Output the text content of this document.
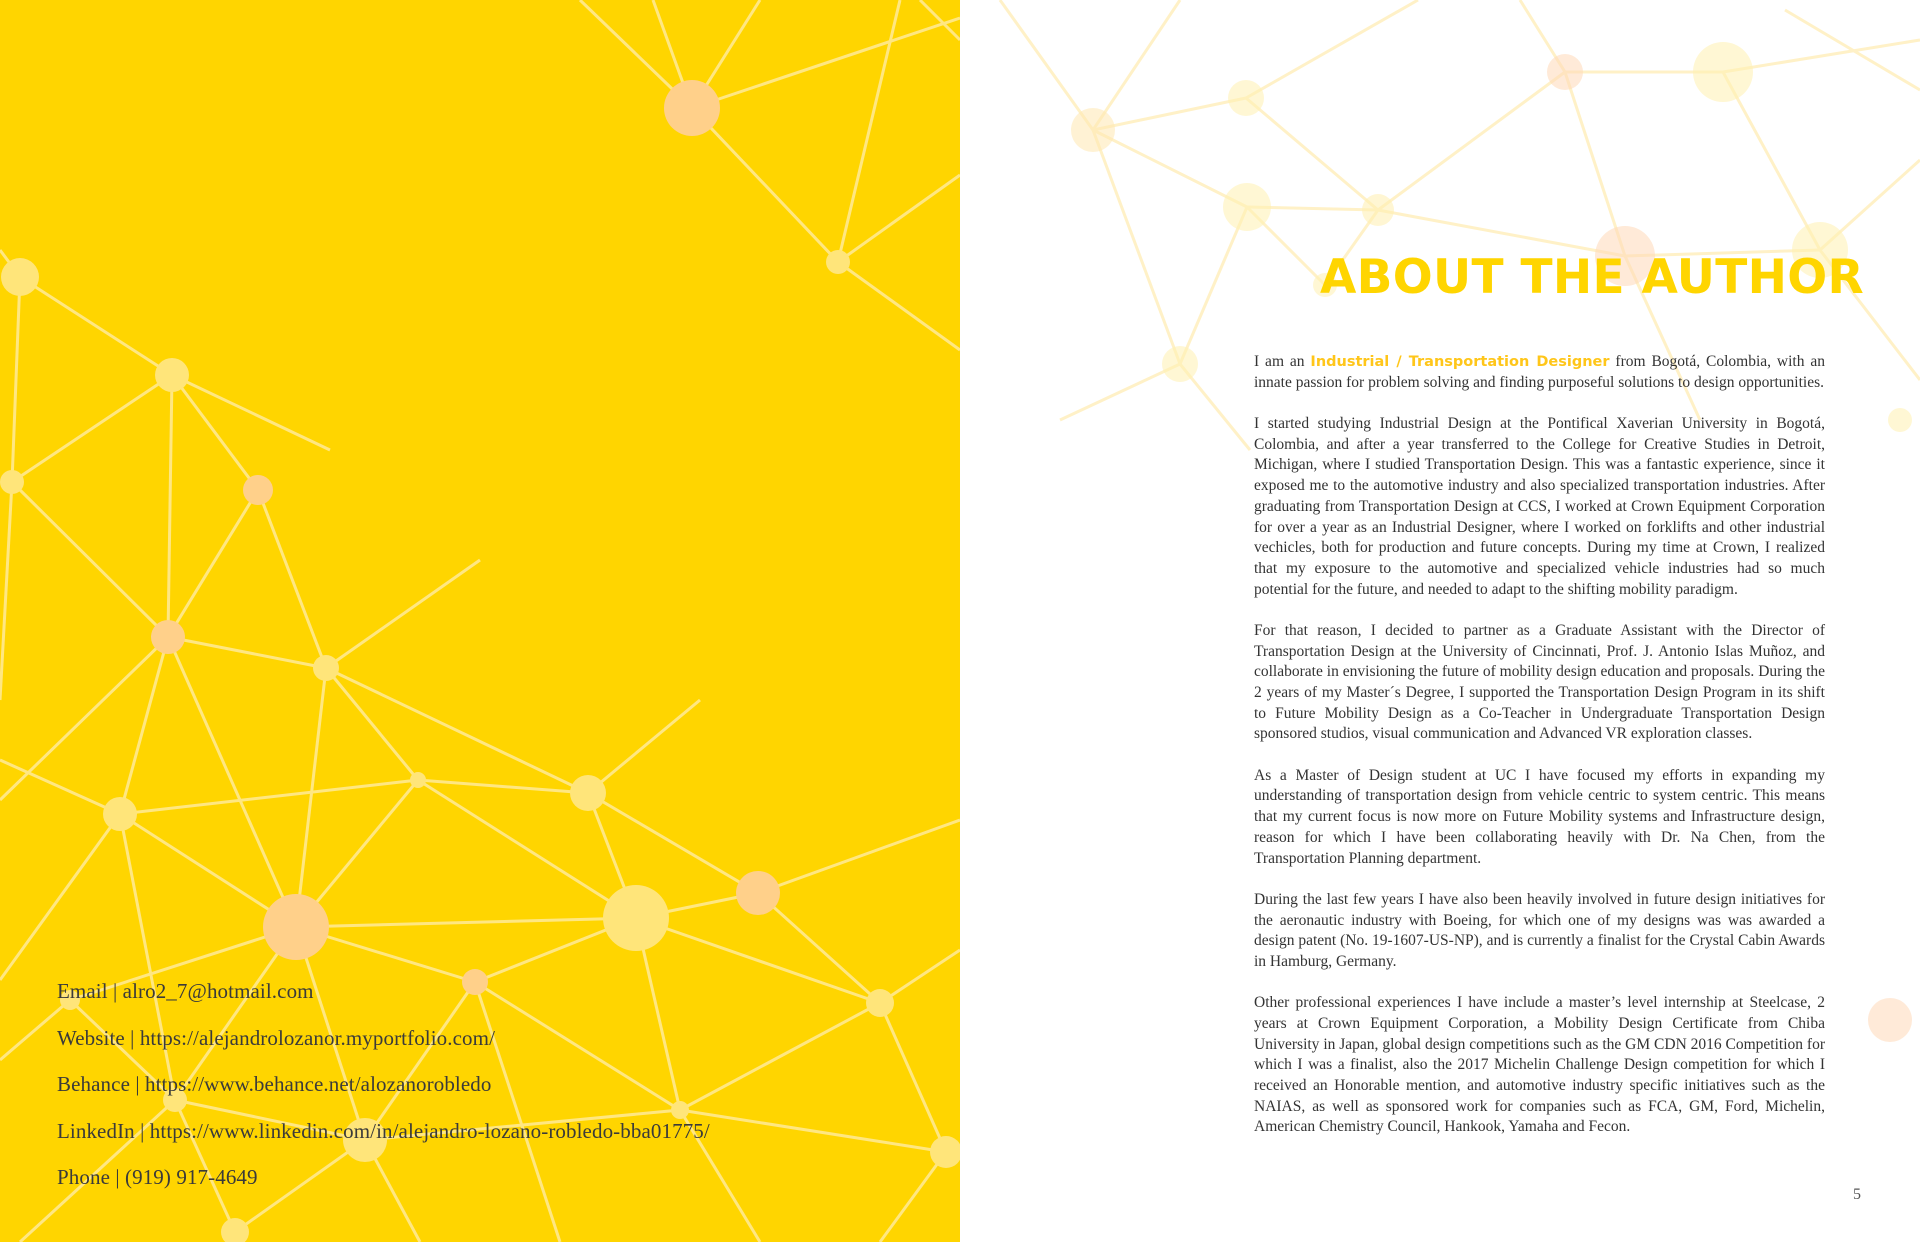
Email | alro2_7@hotmail.com
Website | https://alejandrolozanor.myportfolio.com/
Behance | https://www.behance.net/alozanorobledo
LinkedIn | https://www.linkedin.com/in/alejandro-lozano-robledo-bba01775/
Phone | (919) 917-4649
ABOUT THE AUTHOR

I am an Industrial / Transportation Designer from Bogotá, Colombia, with an innate passion for problem solving and finding purposeful solutions to design opportunities.

I started studying Industrial Design at the Pontifical Xaverian University in Bogotá, Colombia, and after a year transferred to the College for Creative Studies in Detroit, Michigan, where I studied Transportation Design. This was a fantastic experience, since it exposed me to the automotive industry and also specialized transportation industries. After graduating from Transportation Design at CCS, I worked at Crown Equipment Corporation for over a year as an Industrial Designer, where I worked on forklifts and other industrial vechicles, both for production and future concepts. During my time at Crown, I realized that my exposure to the automotive and specialized vehicle industries had so much potential for the future, and needed to adapt to the shifting mobility paradigm.

For that reason, I decided to partner as a Graduate Assistant with the Director of Transportation Design at the University of Cincinnati, Prof. J. Antonio Islas Muñoz, and collaborate in envisioning the future of mobility design education and proposals. During the 2 years of my Master´s Degree, I supported the Transportation Design Program in its shift to Future Mobility Design as a Co-Teacher in Undergraduate Transportation Design sponsored studios, visual communication and Advanced VR exploration classes.

As a Master of Design student at UC I have focused my efforts in expanding my understanding of transportation design from vehicle centric to system centric. This means that my current focus is now more on Future Mobility systems and Infrastructure design, reason for which I have been collaborating heavily with Dr. Na Chen, from the Transportation Planning department.

During the last few years I have also been heavily involved in future design initiatives for the aeronautic industry with Boeing, for which one of my designs was was awarded a design patent (No. 19-1607-US-NP), and is currently a finalist for the Crystal Cabin Awards in Hamburg, Germany.

Other professional experiences I have include a master’s level internship at Steelcase, 2 years at Crown Equipment Corporation, a Mobility Design Certificate from Chiba University in Japan, global design competitions such as the GM CDN 2016 Competition for which I was a finalist, also the 2017 Michelin Challenge Design competition for which I received an Honorable mention, and automotive industry specific initiatives such as the NAIAS, as well as sponsored work for companies such as FCA, GM, Ford, Michelin, American Chemistry Council, Hankook, Yamaha and Fecon.

5
